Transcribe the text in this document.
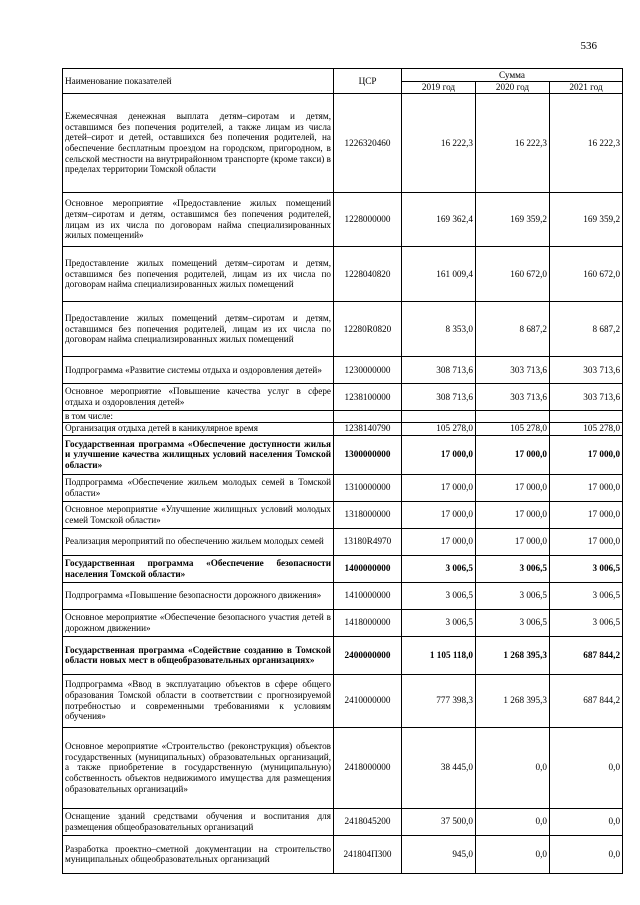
536
Наименование показателей	ЦСР	Сумма		
		2019 год	2020 год	2021 год
Ежемесячная денежная выплата детям–сиротам и детям, оставшимся без попечения родителей, а также лицам из числа детей–сирот и детей, оставшихся без попечения родителей, на обеспечение бесплатным проездом на городском, пригородном, в сельской местности на внутрирайонном транспорте (кроме такси) в пределах территории Томской области	1226320460	16 222,3	16 222,3	16 222,3
Основное мероприятие «Предоставление жилых помещений детям–сиротам и детям, оставшимся без попечения родителей, лицам из их числа по договорам найма специализированных жилых помещений»	1228000000	169 362,4	169 359,2	169 359,2
Предоставление жилых помещений детям–сиротам и детям, оставшимся без попечения родителей, лицам из их числа по договорам найма специализированных жилых помещений	1228040820	161 009,4	160 672,0	160 672,0
Предоставление жилых помещений детям–сиротам и детям, оставшимся без попечения родителей, лицам из их числа по договорам найма специализированных жилых помещений	12280R0820	8 353,0	8 687,2	8 687,2
Подпрограмма «Развитие системы отдыха и оздоровления детей»	1230000000	308 713,6	303 713,6	303 713,6
Основное мероприятие «Повышение качества услуг в сфере отдыха и оздоровления детей»	1238100000	308 713,6	303 713,6	303 713,6
в том числе:				
Организация отдыха детей в каникулярное время	1238140790	105 278,0	105 278,0	105 278,0
Государственная программа «Обеспечение доступности жилья и улучшение качества жилищных условий населения Томской области»	1300000000	17 000,0	17 000,0	17 000,0
Подпрограмма «Обеспечение жильем молодых семей в Томской области»	1310000000	17 000,0	17 000,0	17 000,0
Основное мероприятие «Улучшение жилищных условий молодых семей Томской области»	1318000000	17 000,0	17 000,0	17 000,0
Реализация мероприятий по обеспечению жильем молодых семей	13180R4970	17 000,0	17 000,0	17 000,0
Государственная программа «Обеспечение безопасности населения Томской области»	1400000000	3 006,5	3 006,5	3 006,5
Подпрограмма «Повышение безопасности дорожного движения»	1410000000	3 006,5	3 006,5	3 006,5
Основное мероприятие «Обеспечение безопасного участия детей в дорожном движении»	1418000000	3 006,5	3 006,5	3 006,5
Государственная программа «Содействие созданию в Томской области новых мест в общеобразовательных организациях»	2400000000	1 105 118,0	1 268 395,3	687 844,2
Подпрограмма «Ввод в эксплуатацию объектов в сфере общего образования Томской области в соответствии с прогнозируемой потребностью и современными требованиями к условиям обучения»	2410000000	777 398,3	1 268 395,3	687 844,2
Основное мероприятие «Строительство (реконструкция) объектов государственных (муниципальных) образовательных организаций, а также приобретение в государственную (муниципальную) собственность объектов недвижимого имущества для размещения образовательных организаций»	2418000000	38 445,0	0,0	0,0
Оснащение зданий средствами обучения и воспитания для размещения общеобразовательных организаций	2418045200	37 500,0	0,0	0,0
Разработка проектно–сметной документации на строительство муниципальных общеобразовательных организаций	241804П300	945,0	0,0	0,0
